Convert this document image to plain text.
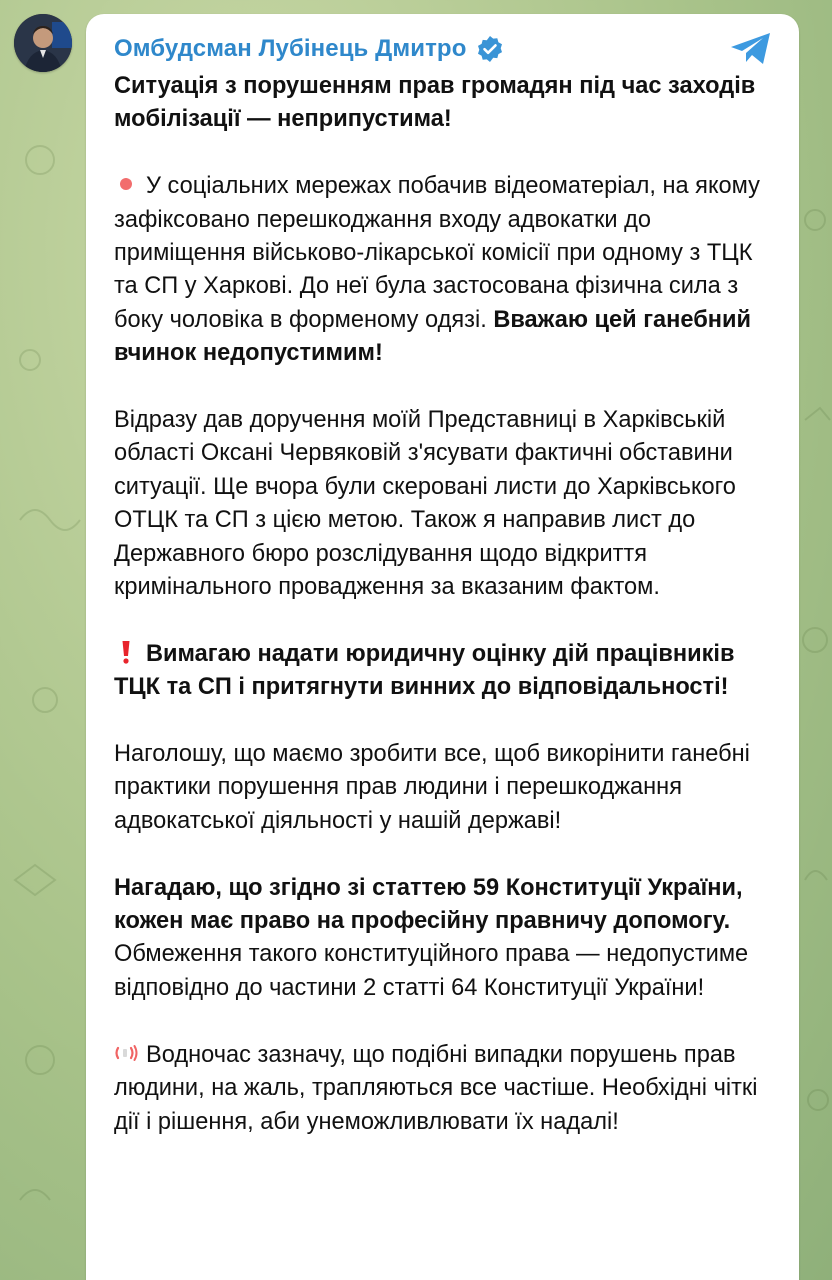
Омбудсман Лубінець Дмитро

Ситуація з порушенням прав громадян під час заходів мобілізації — неприпустима!

У соціальних мережах побачив відеоматеріал, на якому зафіксовано перешкоджання входу адвокатки до приміщення військово-лікарської комісії при одному з ТЦК та СП у Харкові. До неї була застосована фізична сила з боку чоловіка в форменому одязі. Вважаю цей ганебний вчинок недопустимим!

Відразу дав доручення моїй Представниці в Харківській області Оксані Червяковій з'ясувати фактичні обставини ситуації. Ще вчора були скеровані листи до Харківського ОТЦК та СП з цією метою. Також я направив лист до Державного бюро розслідування щодо відкриття кримінального провадження за вказаним фактом.

Вимагаю надати юридичну оцінку дій працівників ТЦК та СП і притягнути винних до відповідальності!

Наголошу, що маємо зробити все, щоб викорінити ганебні практики порушення прав людини і перешкоджання адвокатської діяльності у нашій державі!

Нагадаю, що згідно зі статтею 59 Конституції України, кожен має право на професійну правничу допомогу. Обмеження такого конституційного права — недопустиме відповідно до частини 2 статті 64 Конституції України!

Водночас зазначу, що подібні випадки порушень прав людини, на жаль, трапляються все частіше. Необхідні чіткі дії і рішення, аби унеможливлювати їх надалі!
